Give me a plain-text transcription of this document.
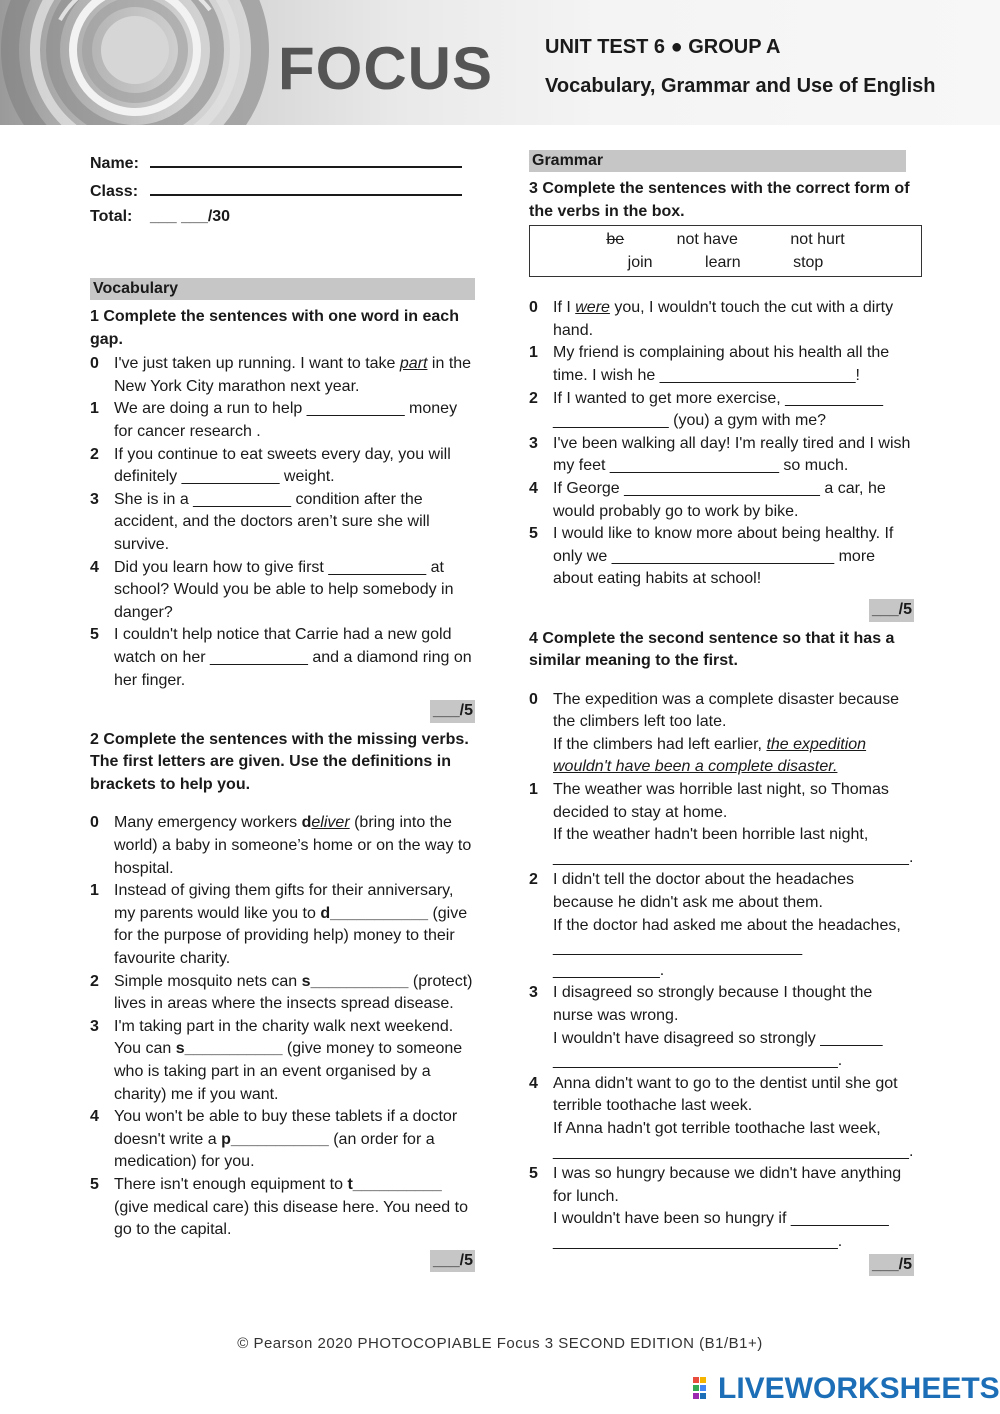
FOCUS	UNIT TEST 6 ● GROUP A
Vocabulary, Grammar and Use of English
Name:
Class:
Total:	___ ___/30
Vocabulary
1 Complete the sentences with one word in each gap.
0 I've just taken up running. I want to take part in the New York City marathon next year.
1 We are doing a run to help ___________ money for cancer research .
2 If you continue to eat sweets every day, you will definitely ___________ weight.
3 She is in a ___________ condition after the accident, and the doctors aren’t sure she will survive.
4 Did you learn how to give first ___________ at school? Would you be able to help somebody in danger?
5 I couldn't help notice that Carrie had a new gold watch on her ___________ and a diamond ring on her finger.
___/5
2 Complete the sentences with the missing verbs. The first letters are given. Use the definitions in brackets to help you.
0 Many emergency workers deliver (bring into the world) a baby in someone’s home or on the way to hospital.
1 Instead of giving them gifts for their anniversary, my parents would like you to d___________ (give for the purpose of providing help) money to their favourite charity.
2 Simple mosquito nets can s___________ (protect) lives in areas where the insects spread disease.
3 I'm taking part in the charity walk next weekend. You can s___________ (give money to someone who is taking part in an event organised by a charity) me if you want.
4 You won't be able to buy these tablets if a doctor doesn't write a p___________ (an order for a medication) for you.
5 There isn't enough equipment to t__________ (give medical care) this disease here. You need to go to the capital.
___/5
Grammar
3 Complete the sentences with the correct form of the verbs in the box.
be	not have	not hurt
join	learn	stop
0 If I were you, I wouldn't touch the cut with a dirty hand.
1 My friend is complaining about his health all the time. I wish he ______________________!
2 If I wanted to get more exercise, ___________ _____________ (you) a gym with me?
3 I've been walking all day! I'm really tired and I wish my feet ___________________ so much.
4 If George ______________________ a car, he would probably go to work by bike.
5 I would like to know more about being healthy. If only we _________________________ more about eating habits at school!
___/5
4 Complete the second sentence so that it has a similar meaning to the first.
0 The expedition was a complete disaster because the climbers left too late.
If the climbers had left earlier, the expedition wouldn't have been a complete disaster.
1 The weather was horrible last night, so Thomas decided to stay at home.
If the weather hadn't been horrible last night, ________________________________________.
2 I didn't tell the doctor about the headaches because he didn't ask me about them.
If the doctor had asked me about the headaches, ____________________________ ____________.
3 I disagreed so strongly because I thought the nurse was wrong.
I wouldn't have disagreed so strongly _______ ________________________________.
4 Anna didn't want to go to the dentist until she got terrible toothache last week.
If Anna hadn't got terrible toothache last week, ________________________________________.
5 I was so hungry because we didn't have anything for lunch.
I wouldn't have been so hungry if ___________ ________________________________.
___/5
© Pearson 2020 PHOTOCOPIABLE Focus 3 SECOND EDITION (B1/B1+)
LIVEWORKSHEETS
